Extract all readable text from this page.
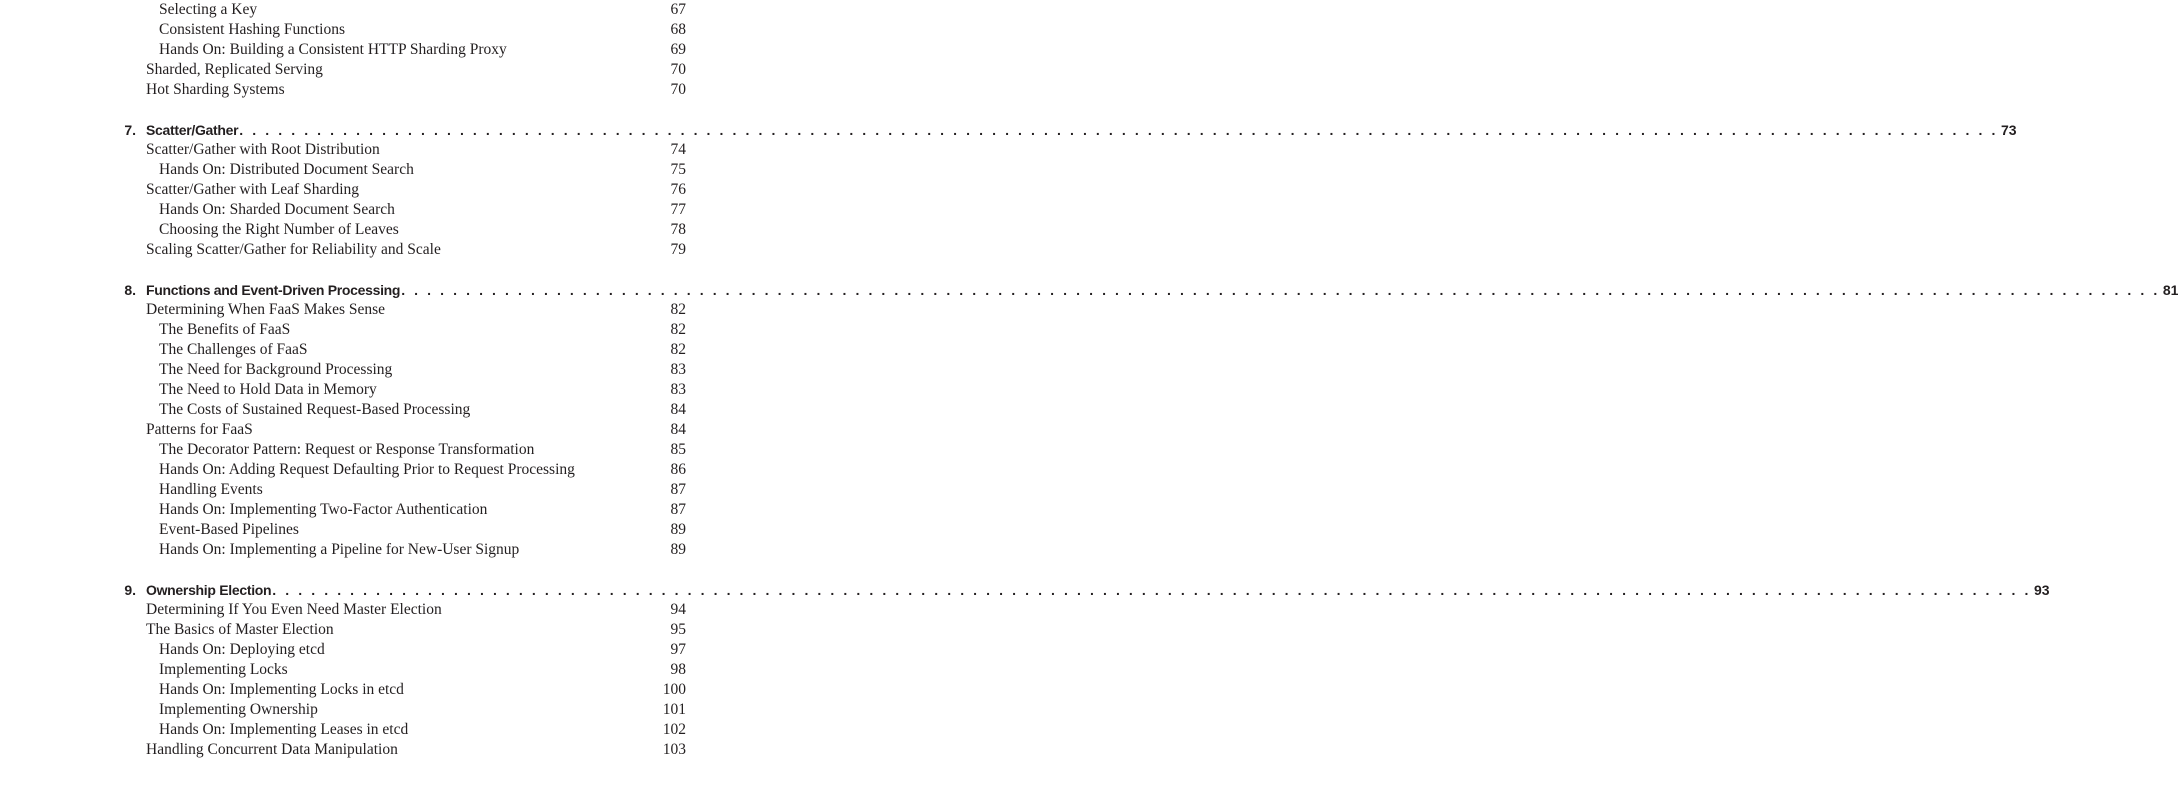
Selecting a Key	67
Consistent Hashing Functions	68
Hands On: Building a Consistent HTTP Sharding Proxy	69
Sharded, Replicated Serving	70
Hot Sharding Systems	70
7. Scatter/Gather . . . . . . . . . . . . . . . . . . . . . . . . . . . . . . . . . . . . . . . . . . . . . . . . . . . . . . . . . . . . . . . . . . . . . . . . . . . . . . . . . . . . . . . . . . . . . . . . . . . . . . . . . . . . . . . . . . . . . . . . . . . . . . . . . . . . . . . . 73
Scatter/Gather with Root Distribution	74
Hands On: Distributed Document Search	75
Scatter/Gather with Leaf Sharding	76
Hands On: Sharded Document Search	77
Choosing the Right Number of Leaves	78
Scaling Scatter/Gather for Reliability and Scale	79
8. Functions and Event-Driven Processing . . . . . . . . . . . . . . . . . . . . . . . . . . . . . . . . . . . . . . . . . . . . . . . . . . . . . . . . . . . . . . . . . . . . . . . . . . . . . . . . . . . . . . . . . . . . . . . . . . . . . . . . . . . . . . . . . . . . . . . . . . . . . . . . . . . . . . . . 81
Determining When FaaS Makes Sense	82
The Benefits of FaaS	82
The Challenges of FaaS	82
The Need for Background Processing	83
The Need to Hold Data in Memory	83
The Costs of Sustained Request-Based Processing	84
Patterns for FaaS	84
The Decorator Pattern: Request or Response Transformation	85
Hands On: Adding Request Defaulting Prior to Request Processing	86
Handling Events	87
Hands On: Implementing Two-Factor Authentication	87
Event-Based Pipelines	89
Hands On: Implementing a Pipeline for New-User Signup	89
9. Ownership Election . . . . . . . . . . . . . . . . . . . . . . . . . . . . . . . . . . . . . . . . . . . . . . . . . . . . . . . . . . . . . . . . . . . . . . . . . . . . . . . . . . . . . . . . . . . . . . . . . . . . . . . . . . . . . . . . . . . . . . . . . . . . . . . . . . . . . . . . 93
Determining If You Even Need Master Election	94
The Basics of Master Election	95
Hands On: Deploying etcd	97
Implementing Locks	98
Hands On: Implementing Locks in etcd	100
Implementing Ownership	101
Hands On: Implementing Leases in etcd	102
Handling Concurrent Data Manipulation	103
